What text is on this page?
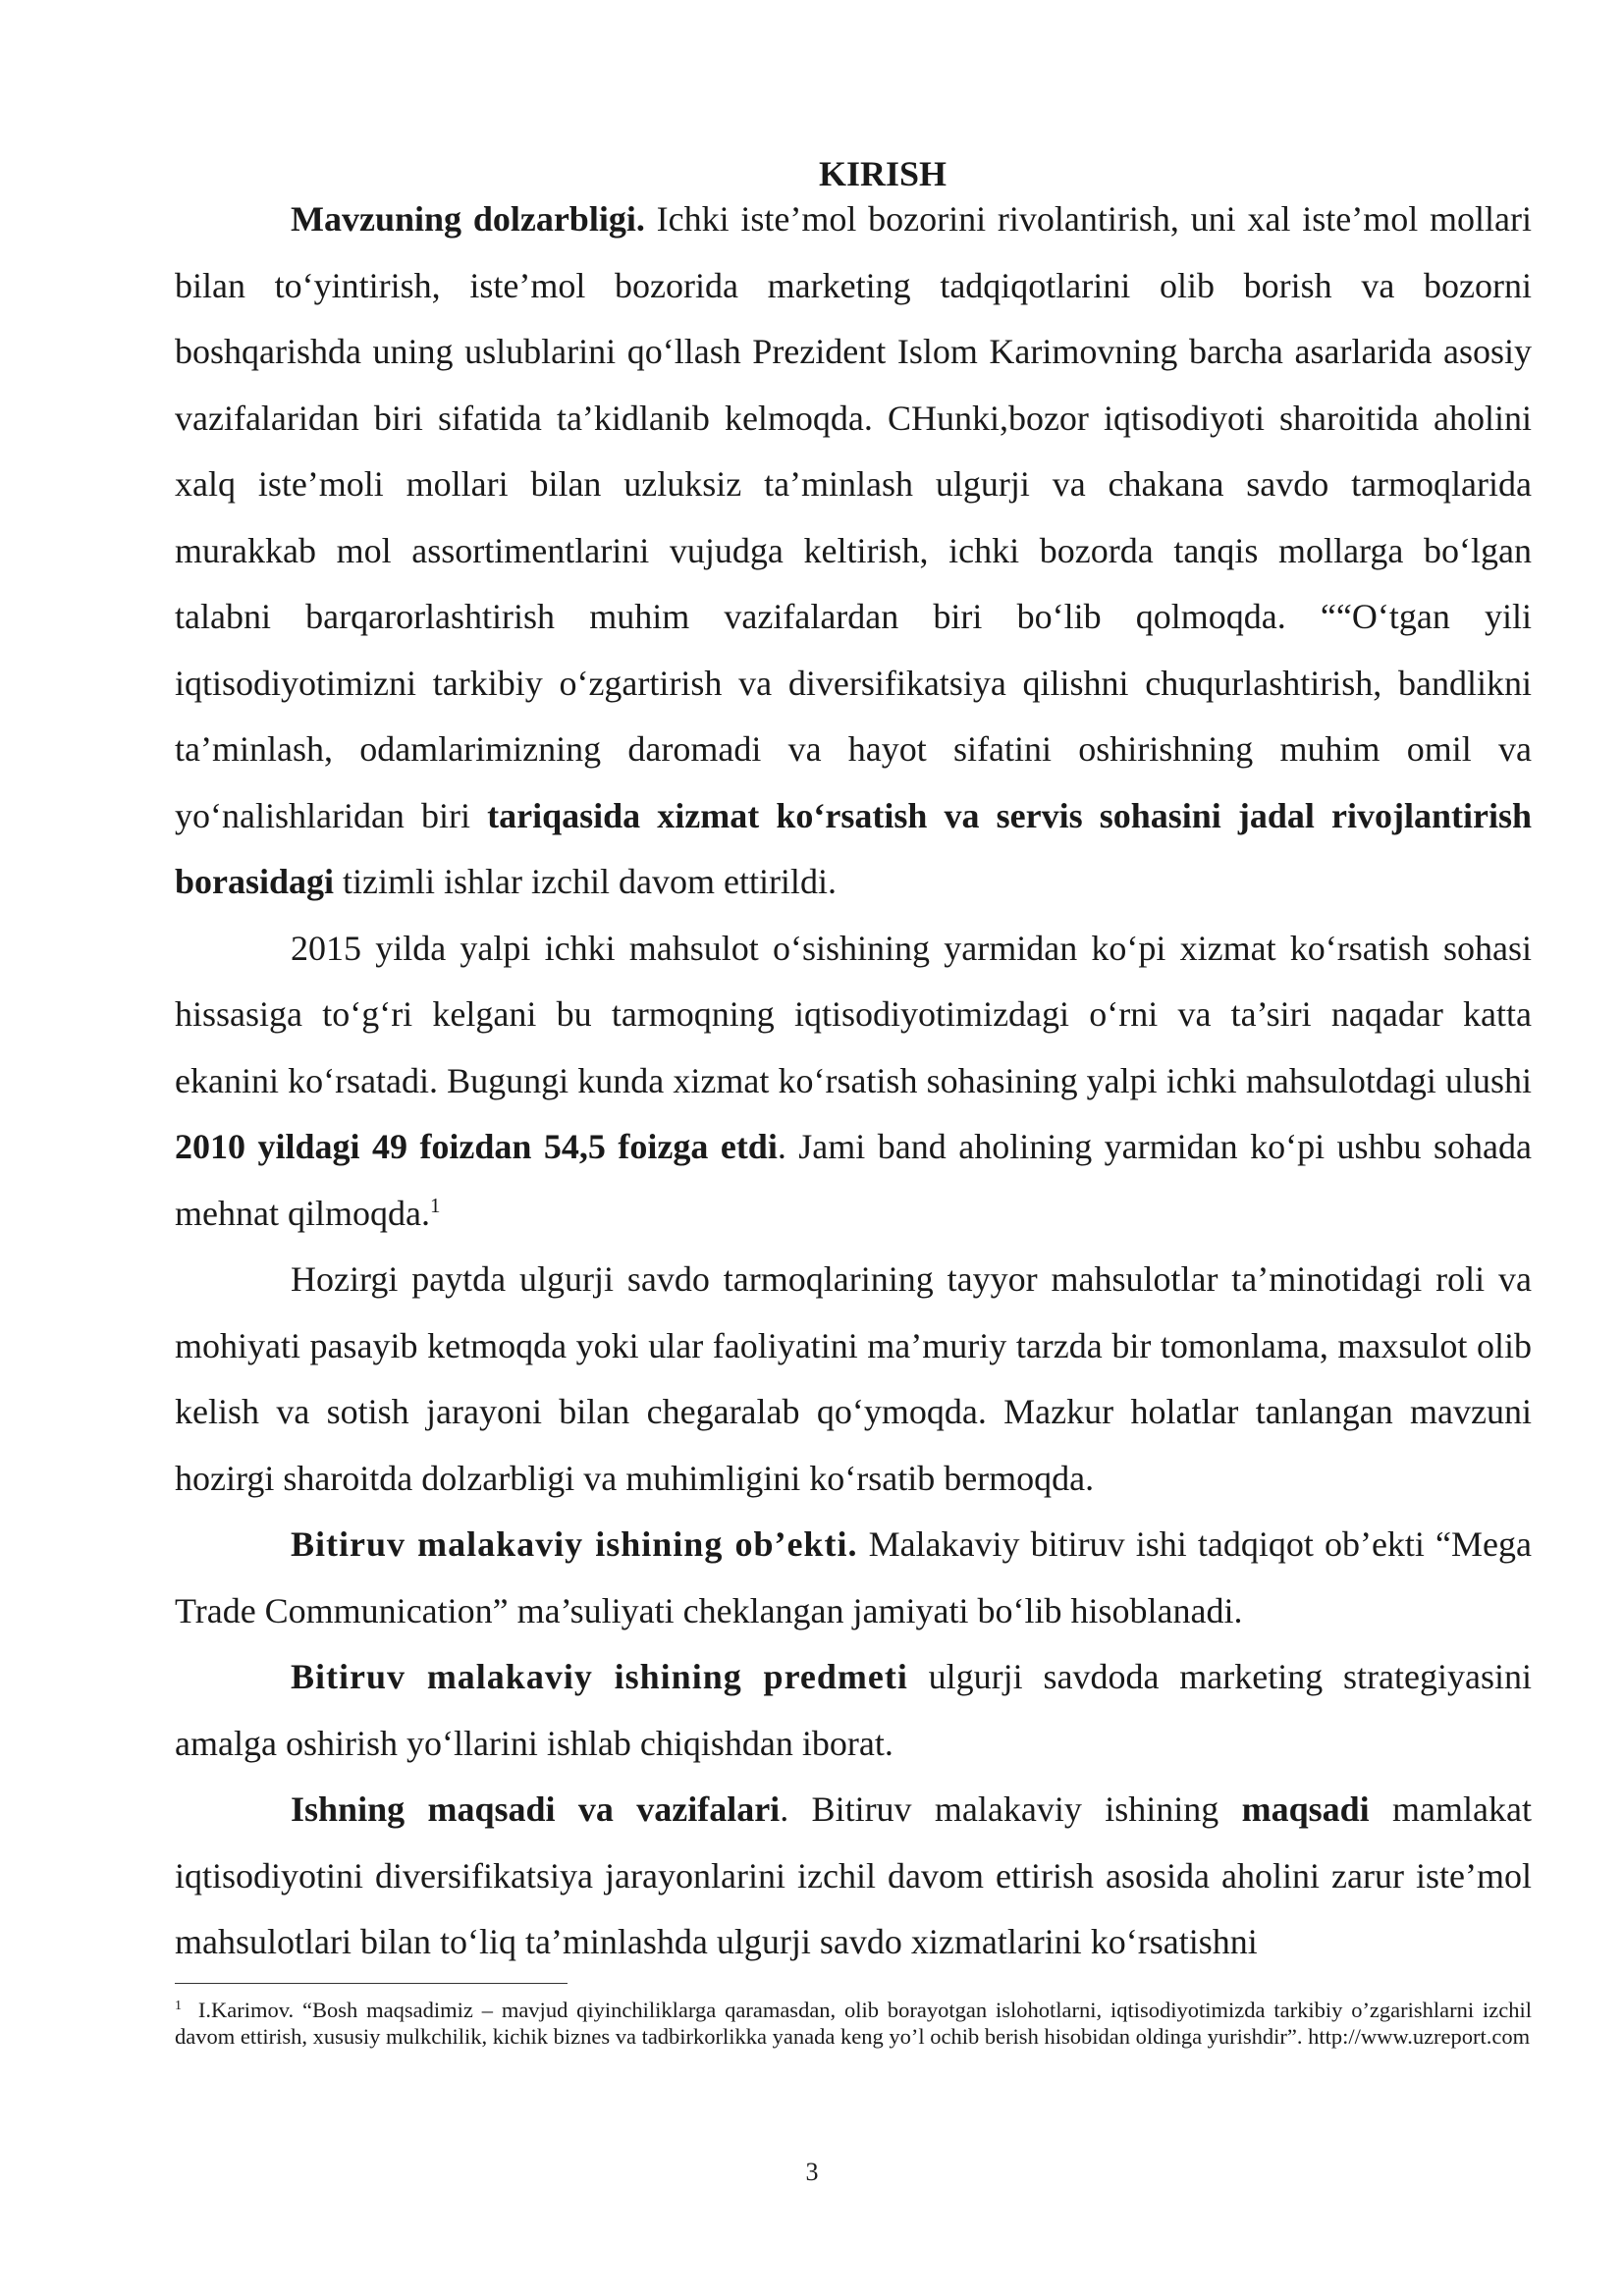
KIRISH

Mavzuning dolzarbligi. Ichki iste’mol bozorini rivolantirish, uni xal iste’mol mollari bilan to‘yintirish, iste’mol bozorida marketing tadqiqotlarini olib borish va bozorni boshqarishda uning uslublarini qo‘llash Prezident Islom Karimovning barcha asarlarida asosiy vazifalaridan biri sifatida ta’kidlanib kelmoqda. CHunki,bozor iqtisodiyoti sharoitida aholini xalq iste’moli mollari bilan uzluksiz ta’minlash ulgurji va chakana savdo tarmoqlarida murakkab mol assortimentlarini vujudga keltirish, ichki bozorda tanqis mollarga bo‘lgan talabni barqarorlashtirish muhim vazifalardan biri bo‘lib qolmoqda. ““O‘tgan yili iqtisodiyotimizni tarkibiy o‘zgartirish va diversifikatsiya qilishni chuqurlashtirish, bandlikni ta’minlash, odamlarimizning daromadi va hayot sifatini oshirishning muhim omil va yo‘nalishlaridan biri tariqasida xizmat ko‘rsatish va servis sohasini jadal rivojlantirish borasidagi tizimli ishlar izchil davom ettirildi.

2015 yilda yalpi ichki mahsulot o‘sishining yarmidan ko‘pi xizmat ko‘rsatish sohasi hissasiga to‘g‘ri kelgani bu tarmoqning iqtisodiyotimizdagi o‘rni va ta’siri naqadar katta ekanini ko‘rsatadi. Bugungi kunda xizmat ko‘rsatish sohasining yalpi ichki mahsulotdagi ulushi 2010 yildagi 49 foizdan 54,5 foizga etdi. Jami band aholining yarmidan ko‘pi ushbu sohada mehnat qilmoqda.$^1$

Hozirgi paytda ulgurji savdo tarmoqlarining tayyor mahsulotlar ta’minotidagi roli va mohiyati pasayib ketmoqda yoki ular faoliyatini ma’muriy tarzda bir tomonlama, maxsulot olib kelish va sotish jarayoni bilan chegaralab qo‘ymoqda. Mazkur holatlar tanlangan mavzuni hozirgi sharoitda dolzarbligi va muhimligini ko‘rsatib bermoqda.

Bitiruv malakaviy ishining ob’ekti. Malakaviy bitiruv ishi tadqiqot ob’ekti “Mega Trade Communication” ma’suliyati cheklangan jamiyati bo‘lib hisoblanadi.

Bitiruv malakaviy ishining predmeti ulgurji savdoda marketing strategiyasini amalga oshirish yo‘llarini ishlab chiqishdan iborat.

Ishning maqsadi va vazifalari. Bitiruv malakaviy ishining maqsadi mamlakat iqtisodiyotini diversifikatsiya jarayonlarini izchil davom ettirish asosida aholini zarur iste’mol mahsulotlari bilan to‘liq ta’minlashda ulgurji savdo xizmatlarini ko‘rsatishni

$^1$ I.Karimov. “Bosh maqsadimiz – mavjud qiyinchiliklarga qaramasdan, olib borayotgan islohotlarni, iqtisodiyotimizda tarkibiy o’zgarishlarni izchil davom ettirish, xususiy mulkchilik, kichik biznes va tadbirkorlikka yanada keng yo’l ochib berish hisobidan oldinga yurishdir”. http://www.uzreport.com

3
